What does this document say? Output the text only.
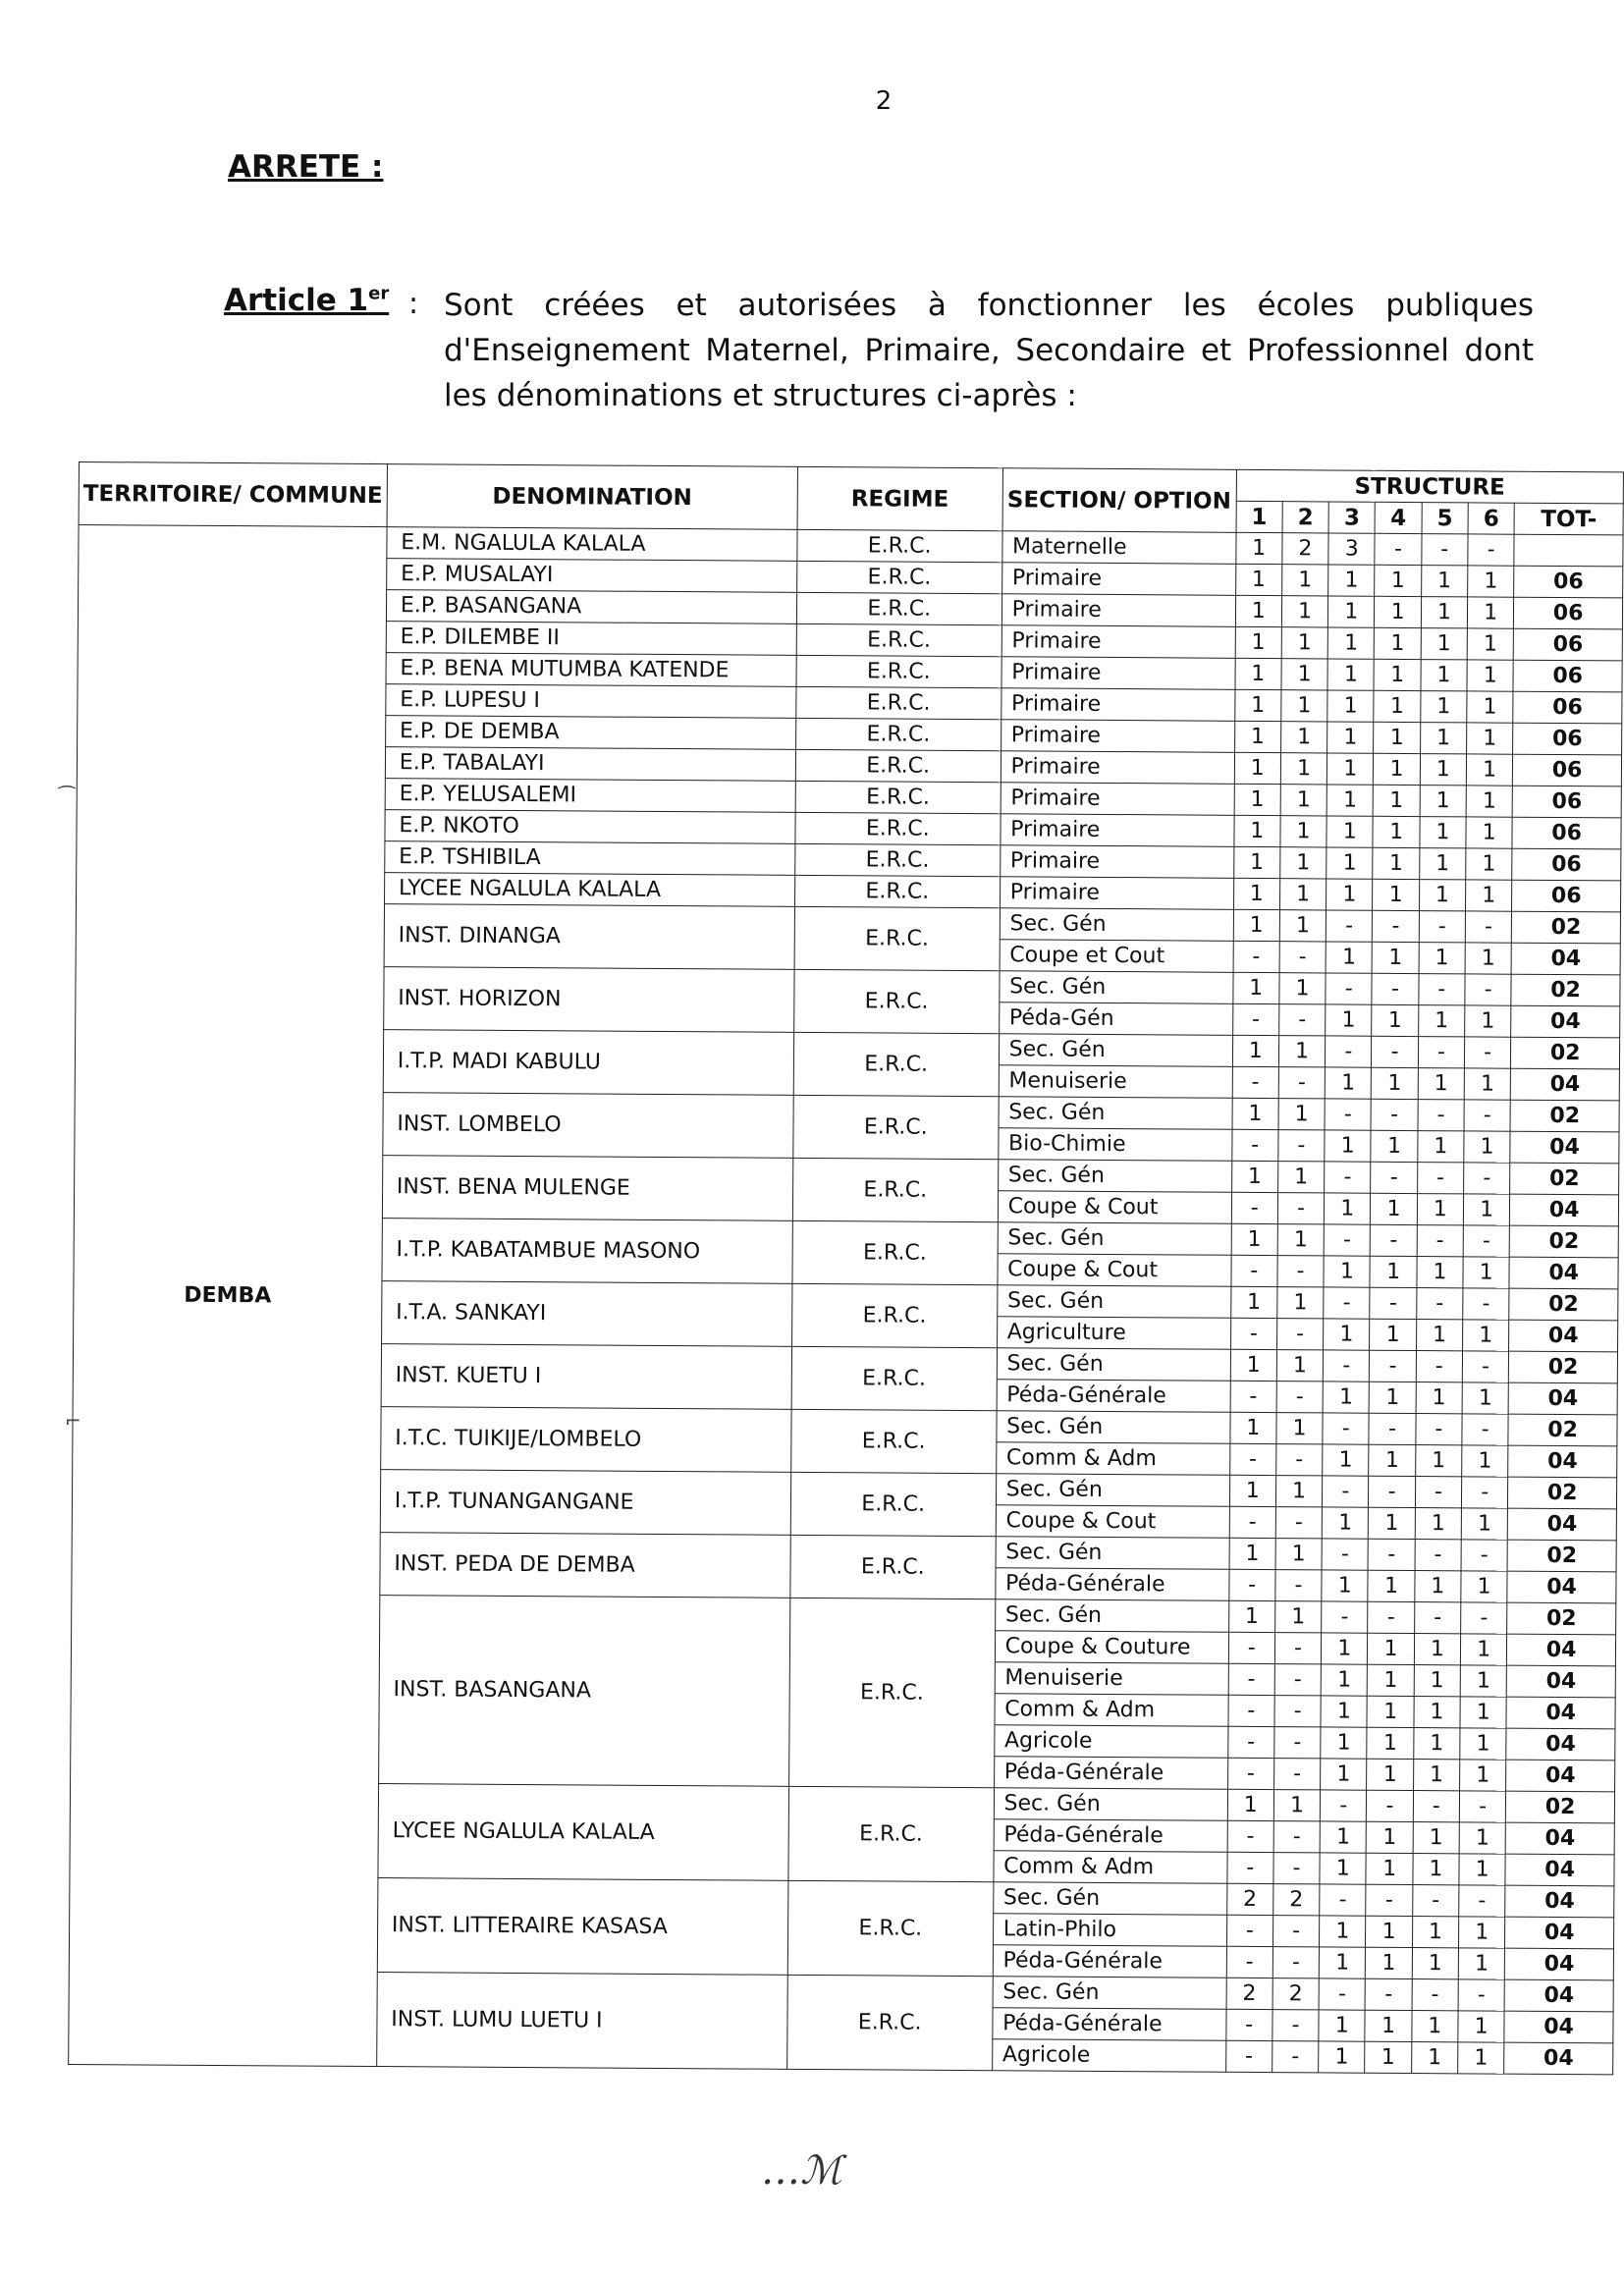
2
ARRETE :
Article 1er : Sont créées et autorisées à fonctionner les écoles publiques d'Enseignement Maternel, Primaire, Secondaire et Professionnel dont les dénominations et structures ci-après :
TERRITOIRE/ COMMUNE	DENOMINATION	REGIME	SECTION/ OPTION	STRUCTURE						
				1	2	3	4	5	6	TOT-
DEMBA	E.M. NGALULA KALALA	E.R.C.	Maternelle	1	2	3	-	-	-	
	E.P. MUSALAYI	E.R.C.	Primaire	1	1	1	1	1	1	06
	E.P. BASANGANA	E.R.C.	Primaire	1	1	1	1	1	1	06
	E.P. DILEMBE II	E.R.C.	Primaire	1	1	1	1	1	1	06
	E.P. BENA MUTUMBA KATENDE	E.R.C.	Primaire	1	1	1	1	1	1	06
	E.P. LUPESU I	E.R.C.	Primaire	1	1	1	1	1	1	06
	E.P. DE DEMBA	E.R.C.	Primaire	1	1	1	1	1	1	06
	E.P. TABALAYI	E.R.C.	Primaire	1	1	1	1	1	1	06
	E.P. YELUSALEMI	E.R.C.	Primaire	1	1	1	1	1	1	06
	E.P. NKOTO	E.R.C.	Primaire	1	1	1	1	1	1	06
	E.P. TSHIBILA	E.R.C.	Primaire	1	1	1	1	1	1	06
	LYCEE NGALULA KALALA	E.R.C.	Primaire	1	1	1	1	1	1	06
	INST. DINANGA	E.R.C.	Sec. Gén	1	1	-	-	-	-	02
			Coupe et Cout	-	-	1	1	1	1	04
	INST. HORIZON	E.R.C.	Sec. Gén	1	1	-	-	-	-	02
			Péda-Gén	-	-	1	1	1	1	04
	I.T.P. MADI KABULU	E.R.C.	Sec. Gén	1	1	-	-	-	-	02
			Menuiserie	-	-	1	1	1	1	04
	INST. LOMBELO	E.R.C.	Sec. Gén	1	1	-	-	-	-	02
			Bio-Chimie	-	-	1	1	1	1	04
	INST. BENA MULENGE	E.R.C.	Sec. Gén	1	1	-	-	-	-	02
			Coupe & Cout	-	-	1	1	1	1	04
	I.T.P. KABATAMBUE MASONO	E.R.C.	Sec. Gén	1	1	-	-	-	-	02
			Coupe & Cout	-	-	1	1	1	1	04
	I.T.A. SANKAYI	E.R.C.	Sec. Gén	1	1	-	-	-	-	02
			Agriculture	-	-	1	1	1	1	04
	INST. KUETU I	E.R.C.	Sec. Gén	1	1	-	-	-	-	02
			Péda-Générale	-	-	1	1	1	1	04
	I.T.C. TUIKIJE/LOMBELO	E.R.C.	Sec. Gén	1	1	-	-	-	-	02
			Comm & Adm	-	-	1	1	1	1	04
	I.T.P. TUNANGANGANE	E.R.C.	Sec. Gén	1	1	-	-	-	-	02
			Coupe & Cout	-	-	1	1	1	1	04
	INST. PEDA DE DEMBA	E.R.C.	Sec. Gén	1	1	-	-	-	-	02
			Péda-Générale	-	-	1	1	1	1	04
	INST. BASANGANA	E.R.C.	Sec. Gén	1	1	-	-	-	-	02
			Coupe & Couture	-	-	1	1	1	1	04
			Menuiserie	-	-	1	1	1	1	04
			Comm & Adm	-	-	1	1	1	1	04
			Agricole	-	-	1	1	1	1	04
			Péda-Générale	-	-	1	1	1	1	04
	LYCEE NGALULA KALALA	E.R.C.	Sec. Gén	1	1	-	-	-	-	02
			Péda-Générale	-	-	1	1	1	1	04
			Comm & Adm	-	-	1	1	1	1	04
	INST. LITTERAIRE KASASA	E.R.C.	Sec. Gén	2	2	-	-	-	-	04
			Latin-Philo	-	-	1	1	1	1	04
			Péda-Générale	-	-	1	1	1	1	04
	INST. LUMU LUETU I	E.R.C.	Sec. Gén	2	2	-	-	-	-	04
			Péda-Générale	-	-	1	1	1	1	04
			Agricole	-	-	1	1	1	1	04
…ℳ
⁀
⌐
